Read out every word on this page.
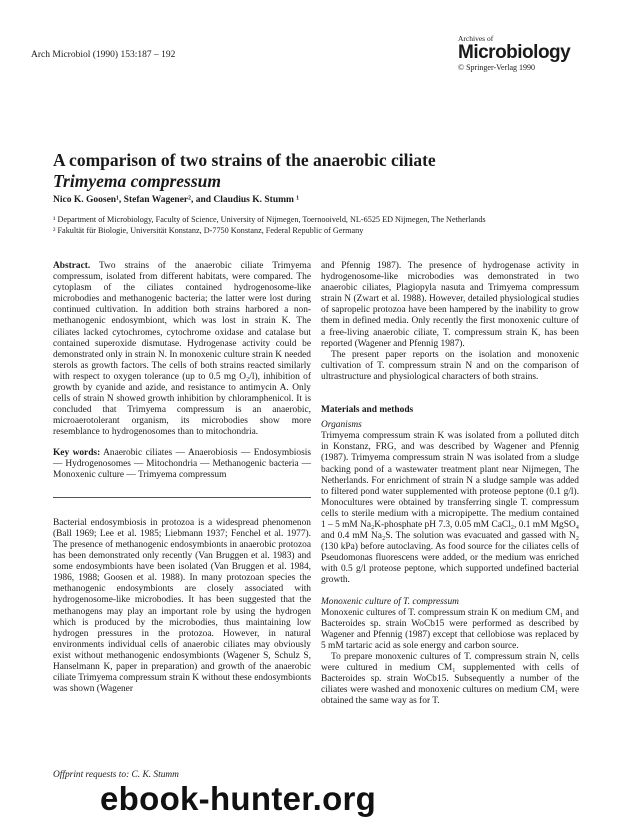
Arch Microbiol (1990) 153:187 – 192
Archives of
Microbiology
© Springer-Verlag 1990
A comparison of two strains of the anaerobic ciliate
Trimyema compressum
Nico K. Goosen¹, Stefan Wagener², and Claudius K. Stumm ¹
¹ Department of Microbiology, Faculty of Science, University of Nijmegen, Toernooiveld, NL-6525 ED Nijmegen, The Netherlands
² Fakultät für Biologie, Universität Konstanz, D-7750 Konstanz, Federal Republic of Germany

Abstract. Two strains of the anaerobic ciliate Trimyema compressum, isolated from different habitats, were compared. The cytoplasm of the ciliates contained hydrogenosome-like microbodies and methanogenic bacteria; the latter were lost during continued cultivation. In addition both strains harbored a non-methanogenic endosymbiont, which was lost in strain K. The ciliates lacked cytochromes, cytochrome oxidase and catalase but contained superoxide dismutase. Hydrogenase activity could be demonstrated only in strain N. In monoxenic culture strain K needed sterols as growth factors. The cells of both strains reacted similarly with respect to oxygen tolerance (up to 0.5 mg O₂/l), inhibition of growth by cyanide and azide, and resistance to antimycin A. Only cells of strain N showed growth inhibition by chloramphenicol. It is concluded that Trimyema compressum is an anaerobic, microaerotolerant organism, its microbodies show more resemblance to hydrogenosomes than to mitochondria.

Key words: Anaerobic ciliates — Anaerobiosis — Endosymbiosis — Hydrogenosomes — Mitochondria — Methanogenic bacteria — Monoxenic culture — Trimyema compressum

Bacterial endosymbiosis in protozoa is a widespread phenomenon (Ball 1969; Lee et al. 1985; Liebmann 1937; Fenchel et al. 1977). The presence of methanogenic endosymbionts in anaerobic protozoa has been demonstrated only recently (Van Bruggen et al. 1983) and some endosymbionts have been isolated (Van Bruggen et al. 1984, 1986, 1988; Goosen et al. 1988). In many protozoan species the methanogenic endosymbionts are closely associated with hydrogenosome-like microbodies. It has been suggested that the methanogens may play an important role by using the hydrogen which is produced by the microbodies, thus maintaining low hydrogen pressures in the protozoa. However, in natural environments individual cells of anaerobic ciliates may obviously exist without methanogenic endosymbionts (Wagener S, Schulz S, Hanselmann K, paper in preparation) and growth of the anaerobic ciliate Trimyema compressum strain K without these endosymbionts was shown (Wagener

Offprint requests to: C. K. Stumm

and Pfennig 1987). The presence of hydrogenase activity in hydrogenosome-like microbodies was demonstrated in two anaerobic ciliates, Plagiopyla nasuta and Trimyema compressum strain N (Zwart et al. 1988). However, detailed physiological studies of sapropelic protozoa have been hampered by the inability to grow them in defined media. Only recently the first monoxenic culture of a free-living anaerobic ciliate, T. compressum strain K, has been reported (Wagener and Pfennig 1987).

The present paper reports on the isolation and monoxenic cultivation of T. compressum strain N and on the comparison of ultrastructure and physiological characters of both strains.

Materials and methods

Organisms

Trimyema compressum strain K was isolated from a polluted ditch in Konstanz, FRG, and was described by Wagener and Pfennig (1987). Trimyema compressum strain N was isolated from a sludge backing pond of a wastewater treatment plant near Nijmegen, The Netherlands. For enrichment of strain N a sludge sample was added to filtered pond water supplemented with proteose peptone (0.1 g/l). Monocultures were obtained by transferring single T. compressum cells to sterile medium with a micropipette. The medium contained 1 – 5 mM Na₂K-phosphate pH 7.3, 0.05 mM CaCl₂, 0.1 mM MgSO₄ and 0.4 mM Na₂S. The solution was evacuated and gassed with N₂ (130 kPa) before autoclaving. As food source for the ciliates cells of Pseudomonas fluorescens were added, or the medium was enriched with 0.5 g/l proteose peptone, which supported undefined bacterial growth.

Monoxenic culture of T. compressum

Monoxenic cultures of T. compressum strain K on medium CM₁ and Bacteroides sp. strain WoCb15 were performed as described by Wagener and Pfennig (1987) except that cellobiose was replaced by 5 mM tartaric acid as sole energy and carbon source.

To prepare monoxenic cultures of T. compressum strain N, cells were cultured in medium CM₁ supplemented with cells of Bacteroides sp. strain WoCb15. Subsequently a number of the ciliates were washed and monoxenic cultures on medium CM₁ were obtained the same way as for T.

ebook-hunter.org
